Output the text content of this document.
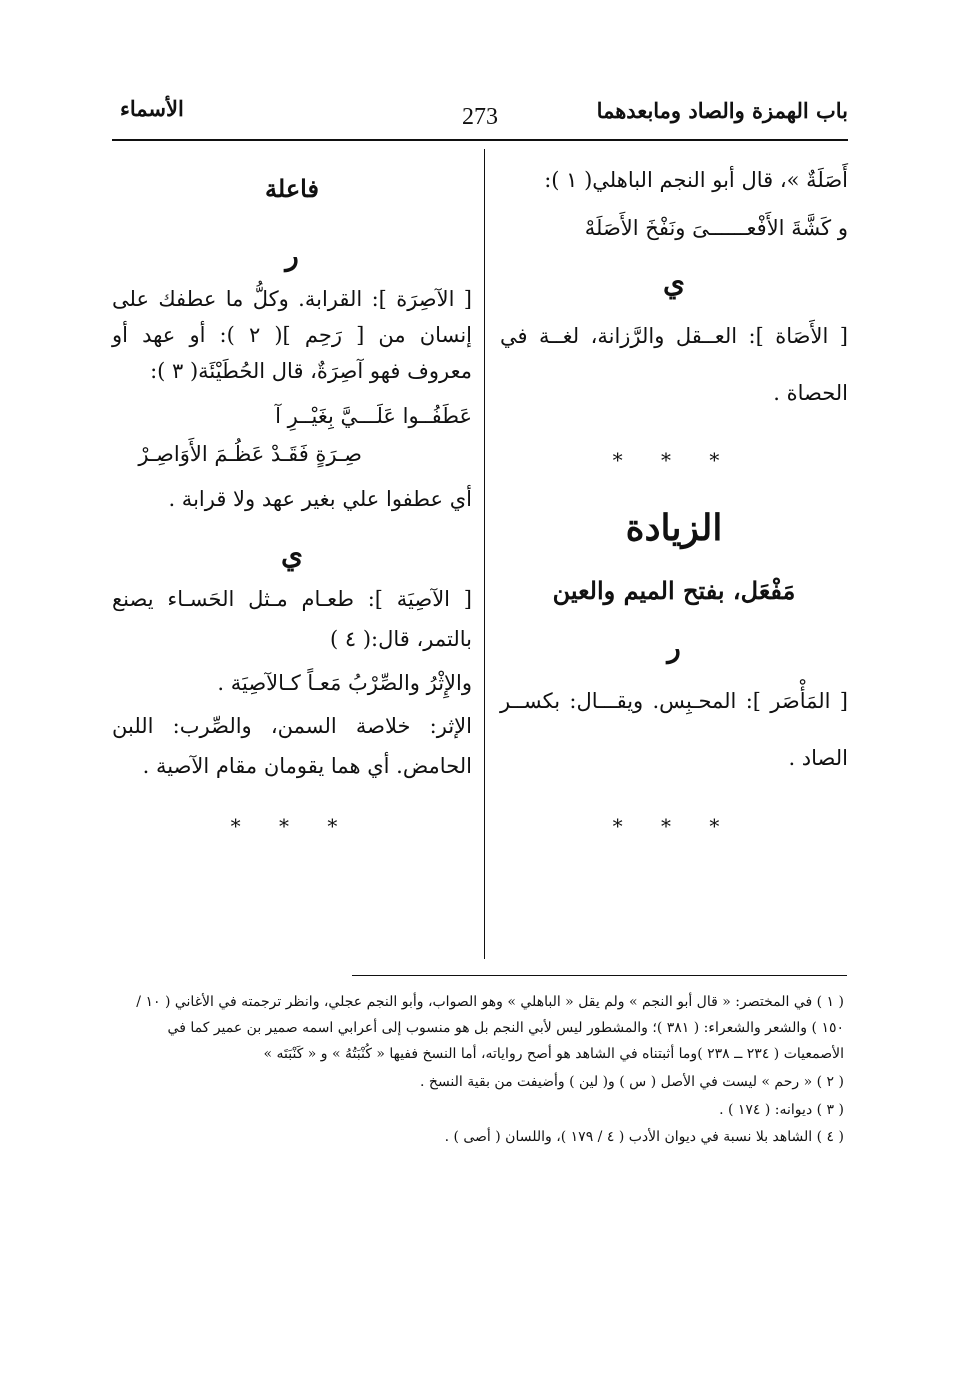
باب الهمزة والصاد ومابعدهما
273
الأسماء

أَصَلَةٌ »، قال أبو النجم الباهلي( ١ ):

و كَشَّةَ الأَفْعــــــىَ ونَفْخَ الأَصَلَهْ

ي

[ الأَصَاة ]: العــقل والرَّزانة، لغــة في الحصاة .

* * *
الزيادة
مَفْعَل، بفتح الميم والعين
ر

[ المَأْصَر ]: المحـبِس. ويقـــال: بكســر الصاد .

* * *
فاعلة
ر

[ الآصِرَة ]: القرابة. وكلُّ ما عطفك على إنسان من [ رَحِم ]( ٢ ): أو عهد أو معروف فهو آصِرَةٌ، قال الحُطَيْئَة( ٣ ):

عَطَفُــوا عَلَـــيَّ بِغَيْــرِ آ

صِـرَةٍ فَقَـدْ عَظُـمَ الأَوَاصِـرْ

أي عطفوا علي بغير عهد ولا قرابة .

ي

[ الآصِيَة ]: طعـام مـثل الحَسـاء يصنع بالتمر، قال:( ٤ )

والإِثْرُ والصِّرْبُ مَعـاً كـالآصِيَة .

الإثر: خلاصة السمن، والصِّرب: اللبن الحامض. أي هما يقومان مقام الآصية .

* * *

( ١ ) في المختصر: « قال أبو النجم » ولم يقل « الباهلي » وهو الصواب، وأبو النجم عجلي، وانظر ترجمته في الأغاني ( ١٠ / ١٥٠ ) والشعر والشعراء: ( ٣٨١ )؛ والمشطور ليس لأبي النجم بل هو منسوب إلى أعرابي اسمه صمير بن عمير كما في الأصمعيات ( ٢٣٤ ــ ٢٣٨ )وما أثبتناه في الشاهد هو أصح رواياته، أما النسخ ففيها « كُنْبَتُهُ » و « كَنْبَتَه »

( ٢ ) « رحم » ليست في الأصل ( س ) و( لين ) وأضيفت من بقية النسخ .

( ٣ ) ديوانه: ( ١٧٤ ) .

( ٤ ) الشاهد بلا نسبة في ديوان الأدب ( ٤ / ١٧٩ )، واللسان ( أصى ) .
